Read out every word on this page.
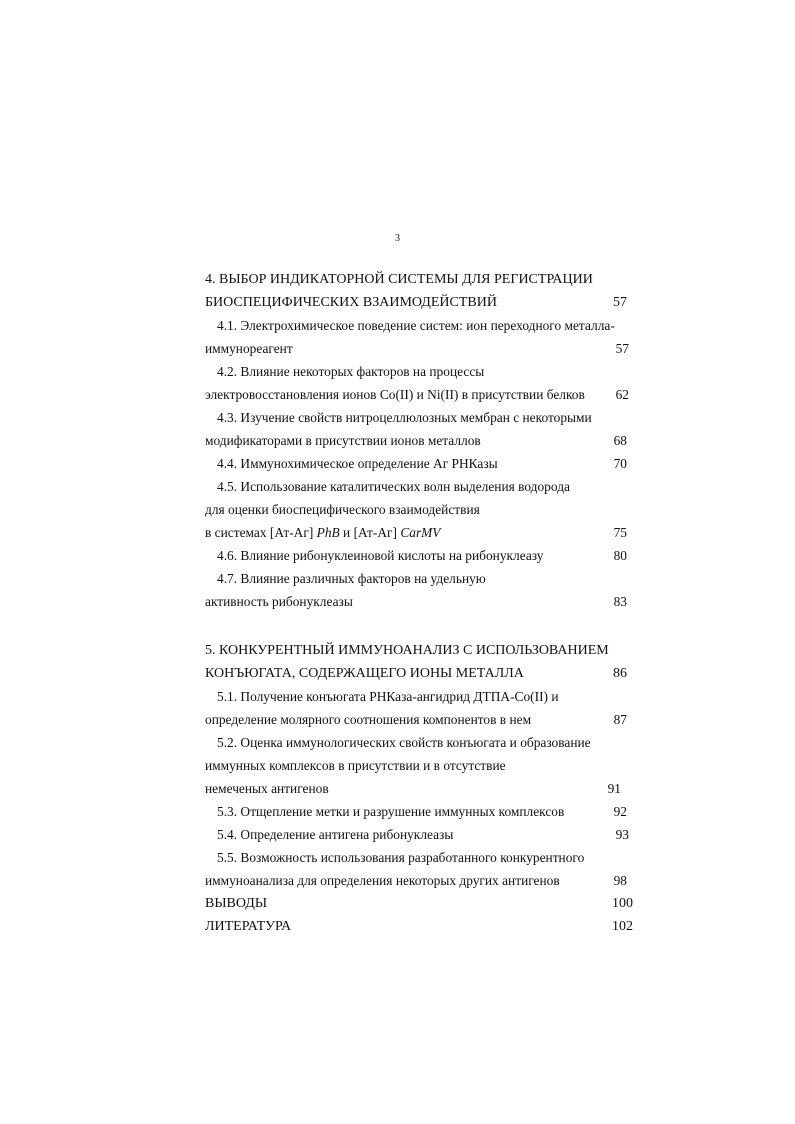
3
4. ВЫБОР ИНДИКАТОРНОЙ СИСТЕМЫ ДЛЯ РЕГИСТРАЦИИ
БИОСПЕЦИФИЧЕСКИХ ВЗАИМОДЕЙСТВИЙ	57
4.1. Электрохимическое поведение систем: ион переходного металла-
иммунореагент	57
4.2. Влияние некоторых факторов на процессы
электровосстановления ионов Co(II) и Ni(II) в присутствии белков 62
4.3. Изучение свойств нитроцеллюлозных мембран с некоторыми
модификаторами в присутствии ионов металлов	68
4.4. Иммунохимическое определение Аг РНКазы	70
4.5. Использование каталитических волн выделения водорода
для оценки биоспецифического взаимодействия
в системах [Ат-Аг] PhB и [Ат-Аг] CarMV	75
4.6. Влияние рибонуклеиновой кислоты на рибонуклеазу	80
4.7. Влияние различных факторов на удельную
активность рибонуклеазы	83
5. КОНКУРЕНТНЫЙ ИММУНОАНАЛИЗ С ИСПОЛЬЗОВАНИЕМ
КОНЪЮГАТА, СОДЕРЖАЩЕГО ИОНЫ МЕТАЛЛА	86
5.1. Получение конъюгата РНКаза-ангидрид ДТПА-Co(II) и
определение молярного соотношения компонентов в нем	87
5.2. Оценка иммунологических свойств конъюгата и образование
иммунных комплексов в присутствии и в отсутствие
немеченых антигенов	91
5.3. Отщепление метки и разрушение иммунных комплексов	92
5.4. Определение антигена рибонуклеазы	93
5.5. Возможность использования разработанного конкурентного
иммуноанализа для определения некоторых других антигенов	98
ВЫВОДЫ	100
ЛИТЕРАТУРА	102
